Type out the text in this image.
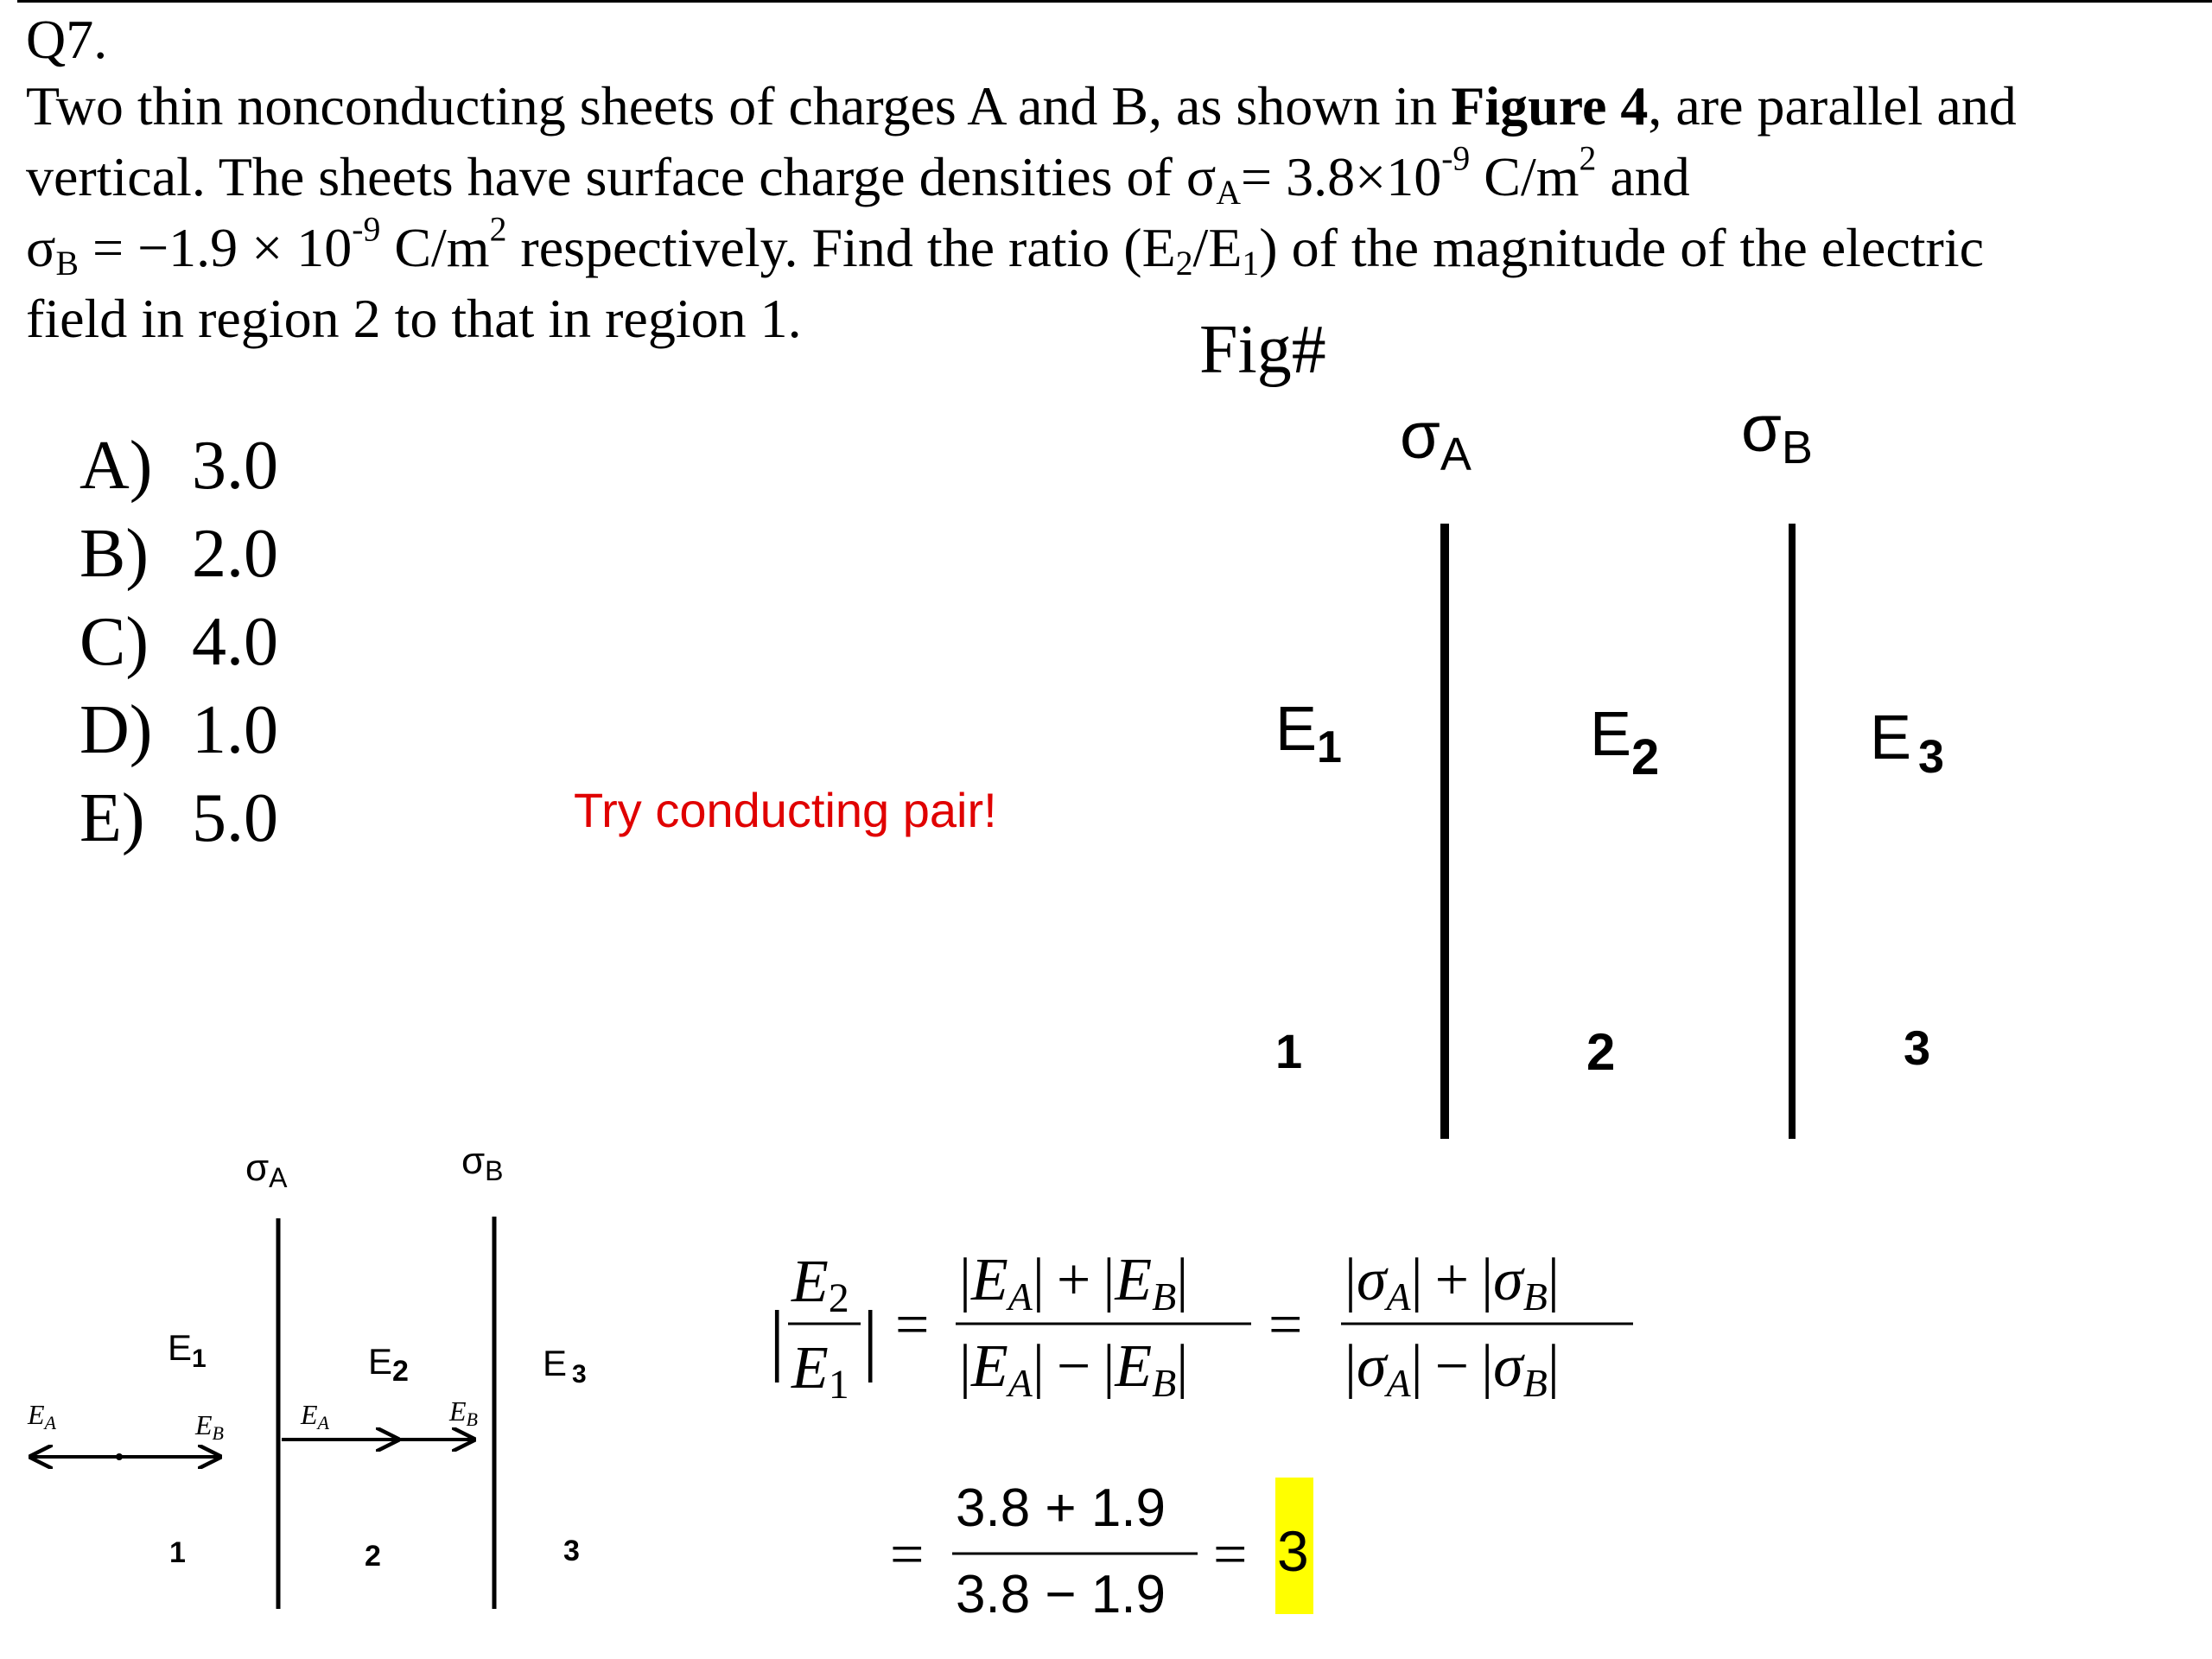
Q7.

Two thin nonconducting sheets of charges A and B, as shown in Figure 4, are parallel and

vertical. The sheets have surface charge densities of $\sigma_A= 3.8\times 10^{-9}$ $C/m^2$ and

$\sigma_B = -1.9 \times 10^{-9}$ $C/m^2$ respectively. Find the ratio $(E_2/E_1)$ of the magnitude of the electric

field in region 2 to that in region 1.

A) 3.0
B) 2.0
C) 4.0
D) 1.0
E) 5.0	Try conducting pair!
Fig#
σA	σB
E1	$E_2$	E $_3$
1	2	3
σA	σB
E1	E2	E 3
EA	EB
EA	EB
1	2	3
|
E2
E1
| =
|EA| + |EB|
|EA| − |EB|
=
|σA| + |σB|
|σA| − |σB|
=
3.8 + 1.9
3.8 − 1.9
= 3
